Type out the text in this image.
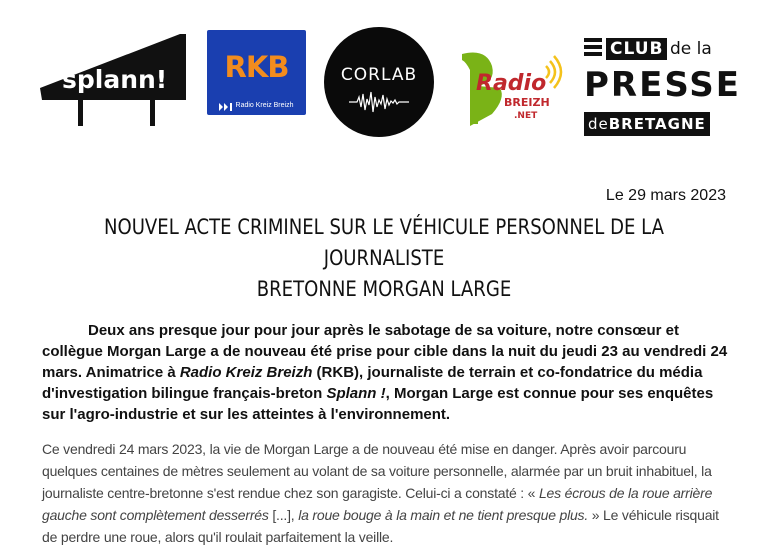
splann!	RKB
Radio Kreiz Breizh
CORLAB	Radio
BREIZH
.NET
CLUB de la
PRESSE
deBRETAGNE
Le 29 mars 2023
NOUVEL ACTE CRIMINEL SUR LE VÉHICULE PERSONNEL DE LA JOURNALISTE
BRETONNE MORGAN LARGE
Deux ans presque jour pour jour après le sabotage de sa voiture, notre consœur et collègue Morgan Large a de nouveau été prise pour cible dans la nuit du jeudi 23 au vendredi 24 mars. Animatrice à Radio Kreiz Breizh (RKB), journaliste de terrain et co-fondatrice du média d'investigation bilingue français-breton Splann !, Morgan Large est connue pour ses enquêtes sur l'agro-industrie et sur les atteintes à l'environnement.
Ce vendredi 24 mars 2023, la vie de Morgan Large a de nouveau été mise en danger. Après avoir parcouru quelques centaines de mètres seulement au volant de sa voiture personnelle, alarmée par un bruit inhabituel, la journaliste centre-bretonne s'est rendue chez son garagiste. Celui-ci a constaté : « Les écrous de la roue arrière gauche sont complètement desserrés [...], la roue bouge à la main et ne tient presque plus. » Le véhicule risquait de perdre une roue, alors qu'il roulait parfaitement la veille.
